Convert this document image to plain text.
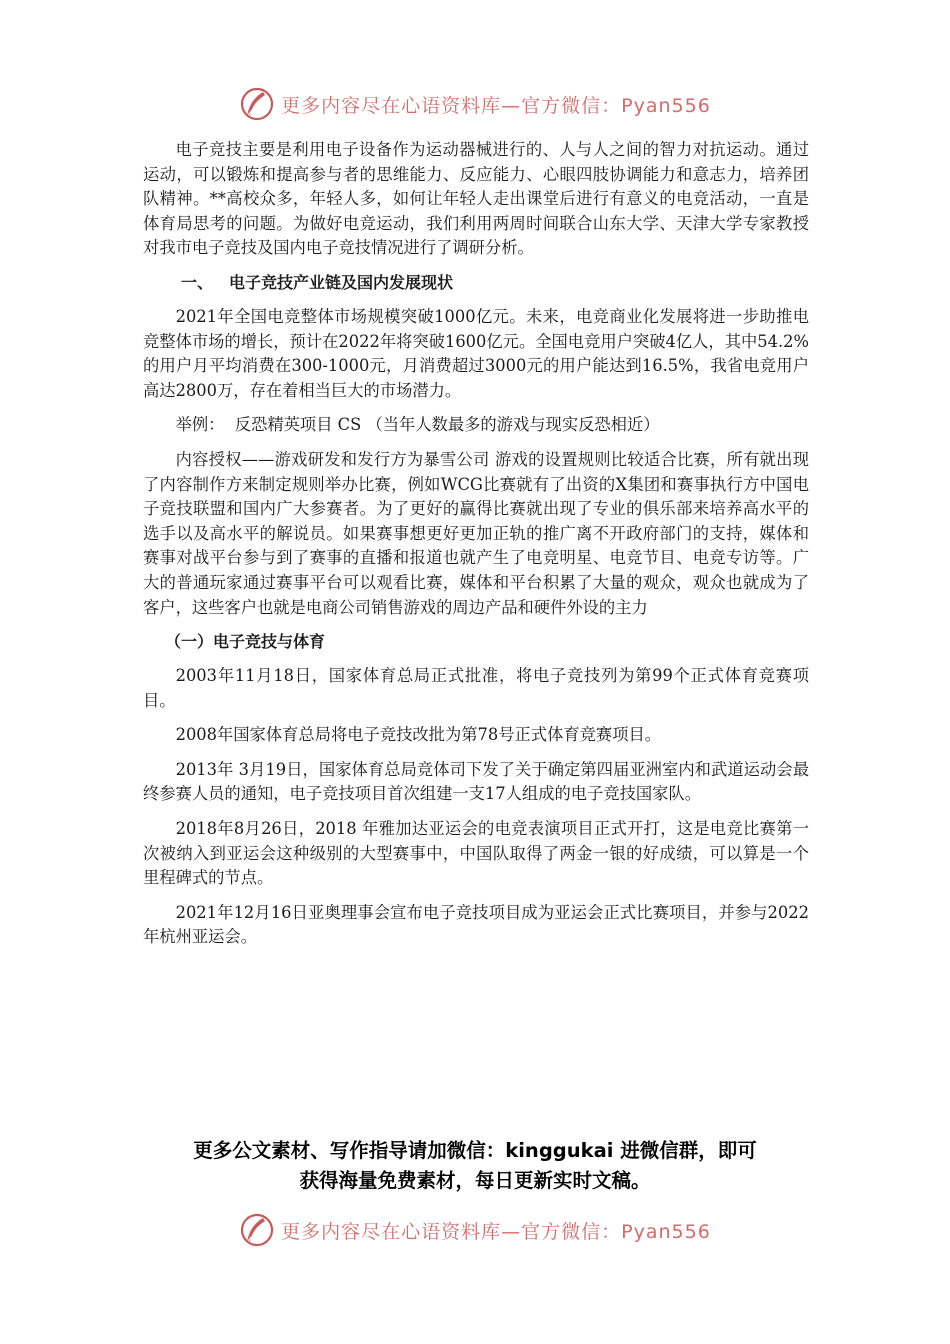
更多内容尽在心语资料库—官方微信：Pyan556

电子竞技主要是利用电子设备作为运动器械进行的、人与人之间的智力对抗运动。通过运动，可以锻炼和提高参与者的思维能力、反应能力、心眼四肢协调能力和意志力，培养团队精神。**高校众多，年轻人多，如何让年轻人走出课堂后进行有意义的电竞活动，一直是体育局思考的问题。为做好电竞运动，我们利用两周时间联合山东大学、天津大学专家教授对我市电子竞技及国内电子竞技情况进行了调研分析。

一、 电子竞技产业链及国内发展现状

2021年全国电竞整体市场规模突破1000亿元。未来，电竞商业化发展将进一步助推电竞整体市场的增长，预计在2022年将突破1600亿元。全国电竞用户突破4亿人，其中54.2%的用户月平均消费在300-1000元，月消费超过3000元的用户能达到16.5%，我省电竞用户高达2800万，存在着相当巨大的市场潜力。

举例：  反恐精英项目 CS （当年人数最多的游戏与现实反恐相近）

内容授权——游戏研发和发行方为暴雪公司 游戏的设置规则比较适合比赛，所有就出现了内容制作方来制定规则举办比赛，例如WCG比赛就有了出资的X集团和赛事执行方中国电子竞技联盟和国内广大参赛者。为了更好的赢得比赛就出现了专业的俱乐部来培养高水平的选手以及高水平的解说员。如果赛事想更好更加正轨的推广离不开政府部门的支持，媒体和赛事对战平台参与到了赛事的直播和报道也就产生了电竞明星、电竞节目、电竞专访等。广大的普通玩家通过赛事平台可以观看比赛，媒体和平台积累了大量的观众，观众也就成为了客户，这些客户也就是电商公司销售游戏的周边产品和硬件外设的主力

（一）电子竞技与体育

2003年11月18日，国家体育总局正式批准，将电子竞技列为第99个正式体育竞赛项目。

2008年国家体育总局将电子竞技改批为第78号正式体育竞赛项目。

2013年 3月19日，国家体育总局竞体司下发了关于确定第四届亚洲室内和武道运动会最终参赛人员的通知，电子竞技项目首次组建一支17人组成的电子竞技国家队。

2018年8月26日，2018 年雅加达亚运会的电竞表演项目正式开打，这是电竞比赛第一次被纳入到亚运会这种级别的大型赛事中，中国队取得了两金一银的好成绩，可以算是一个里程碑式的节点。

2021年12月16日亚奥理事会宣布电子竞技项目成为亚运会正式比赛项目，并参与2022年杭州亚运会。

更多公文素材、写作指导请加微信：kinggukai 进微信群，即可
获得海量免费素材，每日更新实时文稿。
更多内容尽在心语资料库—官方微信：Pyan556
